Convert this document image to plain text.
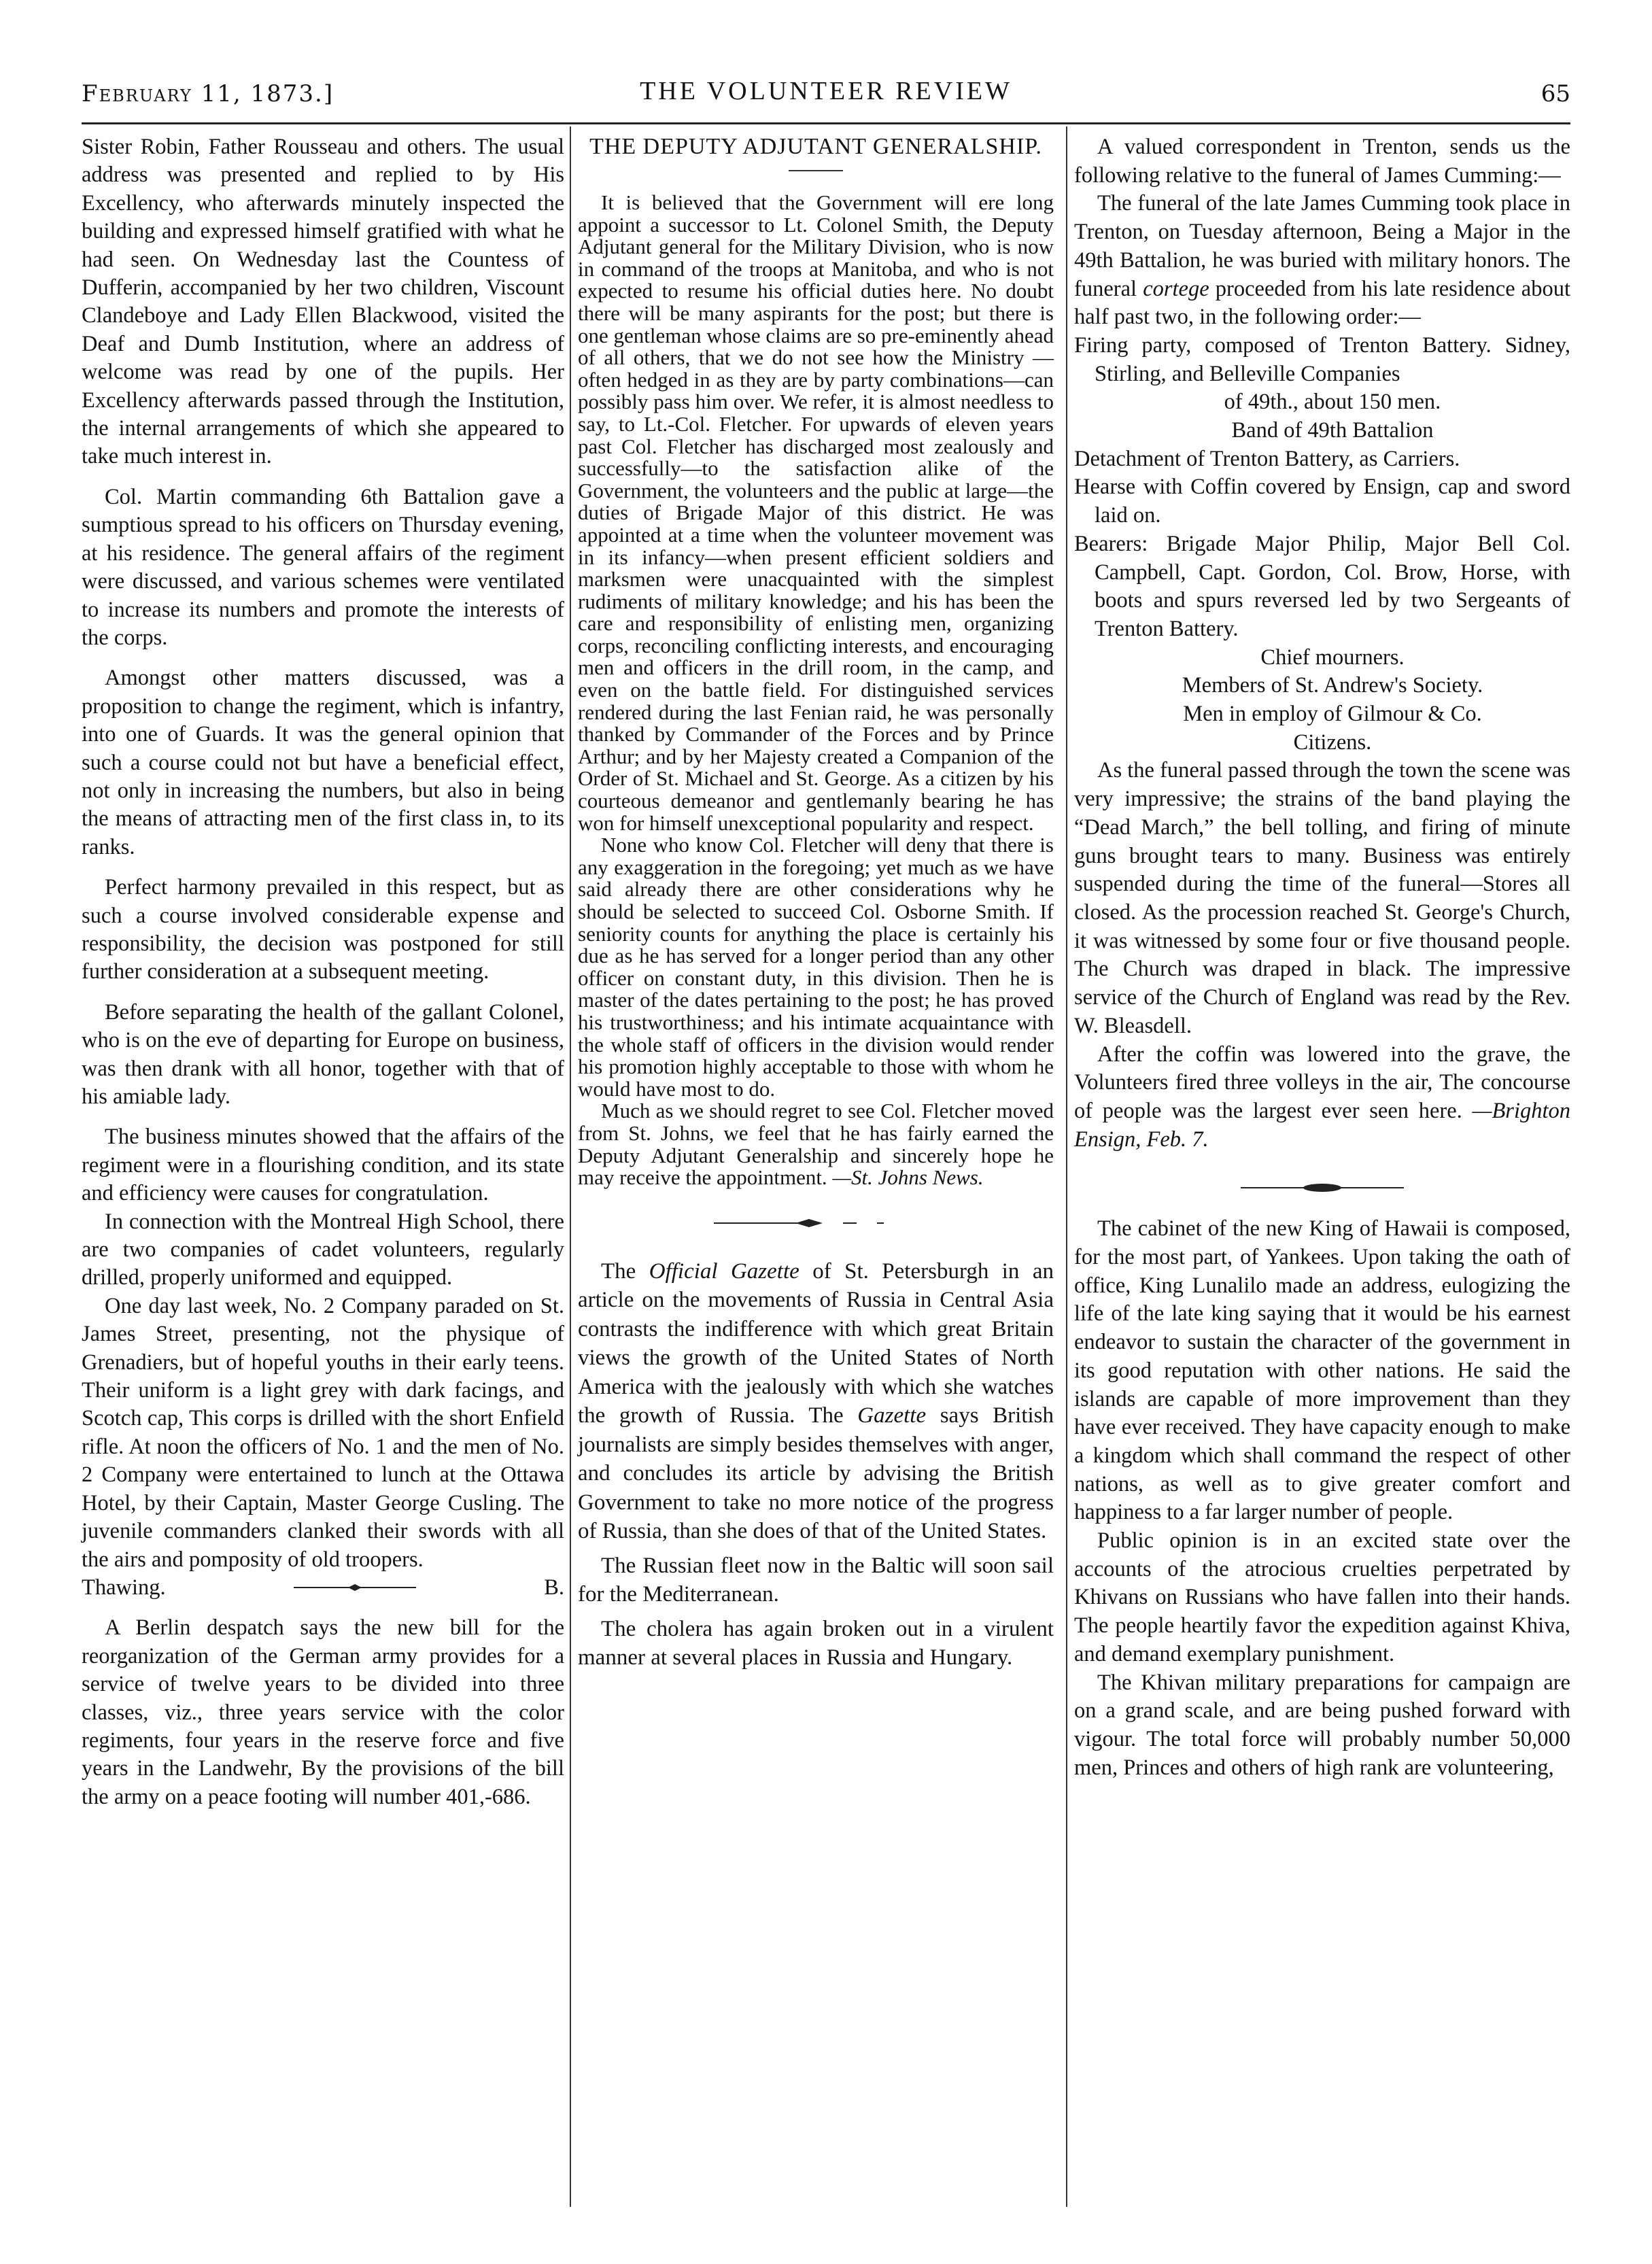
February 11, 1873.]	THE VOLUNTEER REVIEW	65

Sister Robin, Father Rousseau and others. The usual address was presented and replied to by His Excellency, who afterwards minutely inspected the building and expressed himself gratified with what he had seen. On Wednesday last the Countess of Dufferin, accompanied by her two children, Viscount Clandeboye and Lady Ellen Blackwood, visited the Deaf and Dumb Institution, where an address of welcome was read by one of the pupils. Her Excellency afterwards passed through the Institution, the internal arrangements of which she appeared to take much interest in.

Col. Martin commanding 6th Battalion gave a sumptious spread to his officers on Thursday evening, at his residence. The general affairs of the regiment were discussed, and various schemes were ventilated to increase its numbers and promote the interests of the corps.

Amongst other matters discussed, was a proposition to change the regiment, which is infantry, into one of Guards. It was the general opinion that such a course could not but have a beneficial effect, not only in increasing the numbers, but also in being the means of attracting men of the first class in, to its ranks.

Perfect harmony prevailed in this respect, but as such a course involved considerable expense and responsibility, the decision was postponed for still further consideration at a subsequent meeting.

Before separating the health of the gallant Colonel, who is on the eve of departing for Europe on business, was then drank with all honor, together with that of his amiable lady.

The business minutes showed that the affairs of the regiment were in a flourishing condition, and its state and efficiency were causes for congratulation.

In connection with the Montreal High School, there are two companies of cadet volunteers, regularly drilled, properly uniformed and equipped.

One day last week, No. 2 Company paraded on St. James Street, presenting, not the physique of Grenadiers, but of hopeful youths in their early teens. Their uniform is a light grey with dark facings, and Scotch cap, This corps is drilled with the short Enfield rifle. At noon the officers of No. 1 and the men of No. 2 Company were entertained to lunch at the Ottawa Hotel, by their Captain, Master George Cusling. The juvenile commanders clanked their swords with all the airs and pomposity of old troopers.

Thawing.	B.

A Berlin despatch says the new bill for the reorganization of the German army provides for a service of twelve years to be divided into three classes, viz., three years service with the color regiments, four years in the reserve force and five years in the Landwehr, By the provisions of the bill the army on a peace footing will number 401,-686.

THE DEPUTY ADJUTANT GENERALSHIP.

It is believed that the Government will ere long appoint a successor to Lt. Colonel Smith, the Deputy Adjutant general for the Military Division, who is now in command of the troops at Manitoba, and who is not expected to resume his official duties here. No doubt there will be many aspirants for the post; but there is one gentleman whose claims are so pre-eminently ahead of all others, that we do not see how the Ministry —often hedged in as they are by party combinations—can possibly pass him over. We refer, it is almost needless to say, to Lt.-Col. Fletcher. For upwards of eleven years past Col. Fletcher has discharged most zealously and successfully—to the satisfaction alike of the Government, the volunteers and the public at large—the duties of Brigade Major of this district. He was appointed at a time when the volunteer movement was in its infancy—when present efficient soldiers and marksmen were unacquainted with the simplest rudiments of military knowledge; and his has been the care and responsibility of enlisting men, organizing corps, reconciling conflicting interests, and encouraging men and officers in the drill room, in the camp, and even on the battle field. For distinguished services rendered during the last Fenian raid, he was personally thanked by Commander of the Forces and by Prince Arthur; and by her Majesty created a Companion of the Order of St. Michael and St. George. As a citizen by his courteous demeanor and gentlemanly bearing he has won for himself unexceptional popularity and respect.

None who know Col. Fletcher will deny that there is any exaggeration in the foregoing; yet much as we have said already there are other considerations why he should be selected to succeed Col. Osborne Smith. If seniority counts for anything the place is certainly his due as he has served for a longer period than any other officer on constant duty, in this division. Then he is master of the dates pertaining to the post; he has proved his trustworthiness; and his intimate acquaintance with the whole staff of officers in the division would render his promotion highly acceptable to those with whom he would have most to do.

Much as we should regret to see Col. Fletcher moved from St. Johns, we feel that he has fairly earned the Deputy Adjutant Generalship and sincerely hope he may receive the appointment. —St. Johns News.

The Official Gazette of St. Petersburgh in an article on the movements of Russia in Central Asia contrasts the indifference with which great Britain views the growth of the United States of North America with the jealously with which she watches the growth of Russia. The Gazette says British journalists are simply besides themselves with anger, and concludes its article by advising the British Government to take no more notice of the progress of Russia, than she does of that of the United States.

The Russian fleet now in the Baltic will soon sail for the Mediterranean.

The cholera has again broken out in a virulent manner at several places in Russia and Hungary.

A valued correspondent in Trenton, sends us the following relative to the funeral of James Cumming:—

The funeral of the late James Cumming took place in Trenton, on Tuesday afternoon, Being a Major in the 49th Battalion, he was buried with military honors. The funeral cortege proceeded from his late residence about half past two, in the following order:—

Firing party, composed of Trenton Battery. Sidney, Stirling, and Belleville Companies

of 49th., about 150 men.

Band of 49th Battalion

Detachment of Trenton Battery, as Carriers.

Hearse with Coffin covered by Ensign, cap and sword laid on.

Bearers: Brigade Major Philip, Major Bell Col. Campbell, Capt. Gordon, Col. Brow, Horse, with boots and spurs reversed led by two Sergeants of Trenton Battery.

Chief mourners.

Members of St. Andrew's Society.

Men in employ of Gilmour & Co.

Citizens.

As the funeral passed through the town the scene was very impressive; the strains of the band playing the “Dead March,” the bell tolling, and firing of minute guns brought tears to many. Business was entirely suspended during the time of the funeral—Stores all closed. As the procession reached St. George's Church, it was witnessed by some four or five thousand people. The Church was draped in black. The impressive service of the Church of England was read by the Rev. W. Bleasdell.

After the coffin was lowered into the grave, the Volunteers fired three volleys in the air, The concourse of people was the largest ever seen here. —Brighton Ensign, Feb. 7.

The cabinet of the new King of Hawaii is composed, for the most part, of Yankees. Upon taking the oath of office, King Lunalilo made an address, eulogizing the life of the late king saying that it would be his earnest endeavor to sustain the character of the government in its good reputation with other nations. He said the islands are capable of more improvement than they have ever received. They have capacity enough to make a kingdom which shall command the respect of other nations, as well as to give greater comfort and happiness to a far larger number of people.

Public opinion is in an excited state over the accounts of the atrocious cruelties perpetrated by Khivans on Russians who have fallen into their hands. The people heartily favor the expedition against Khiva, and demand exemplary punishment.

The Khivan military preparations for campaign are on a grand scale, and are being pushed forward with vigour. The total force will probably number 50,000 men, Princes and others of high rank are volunteering,
